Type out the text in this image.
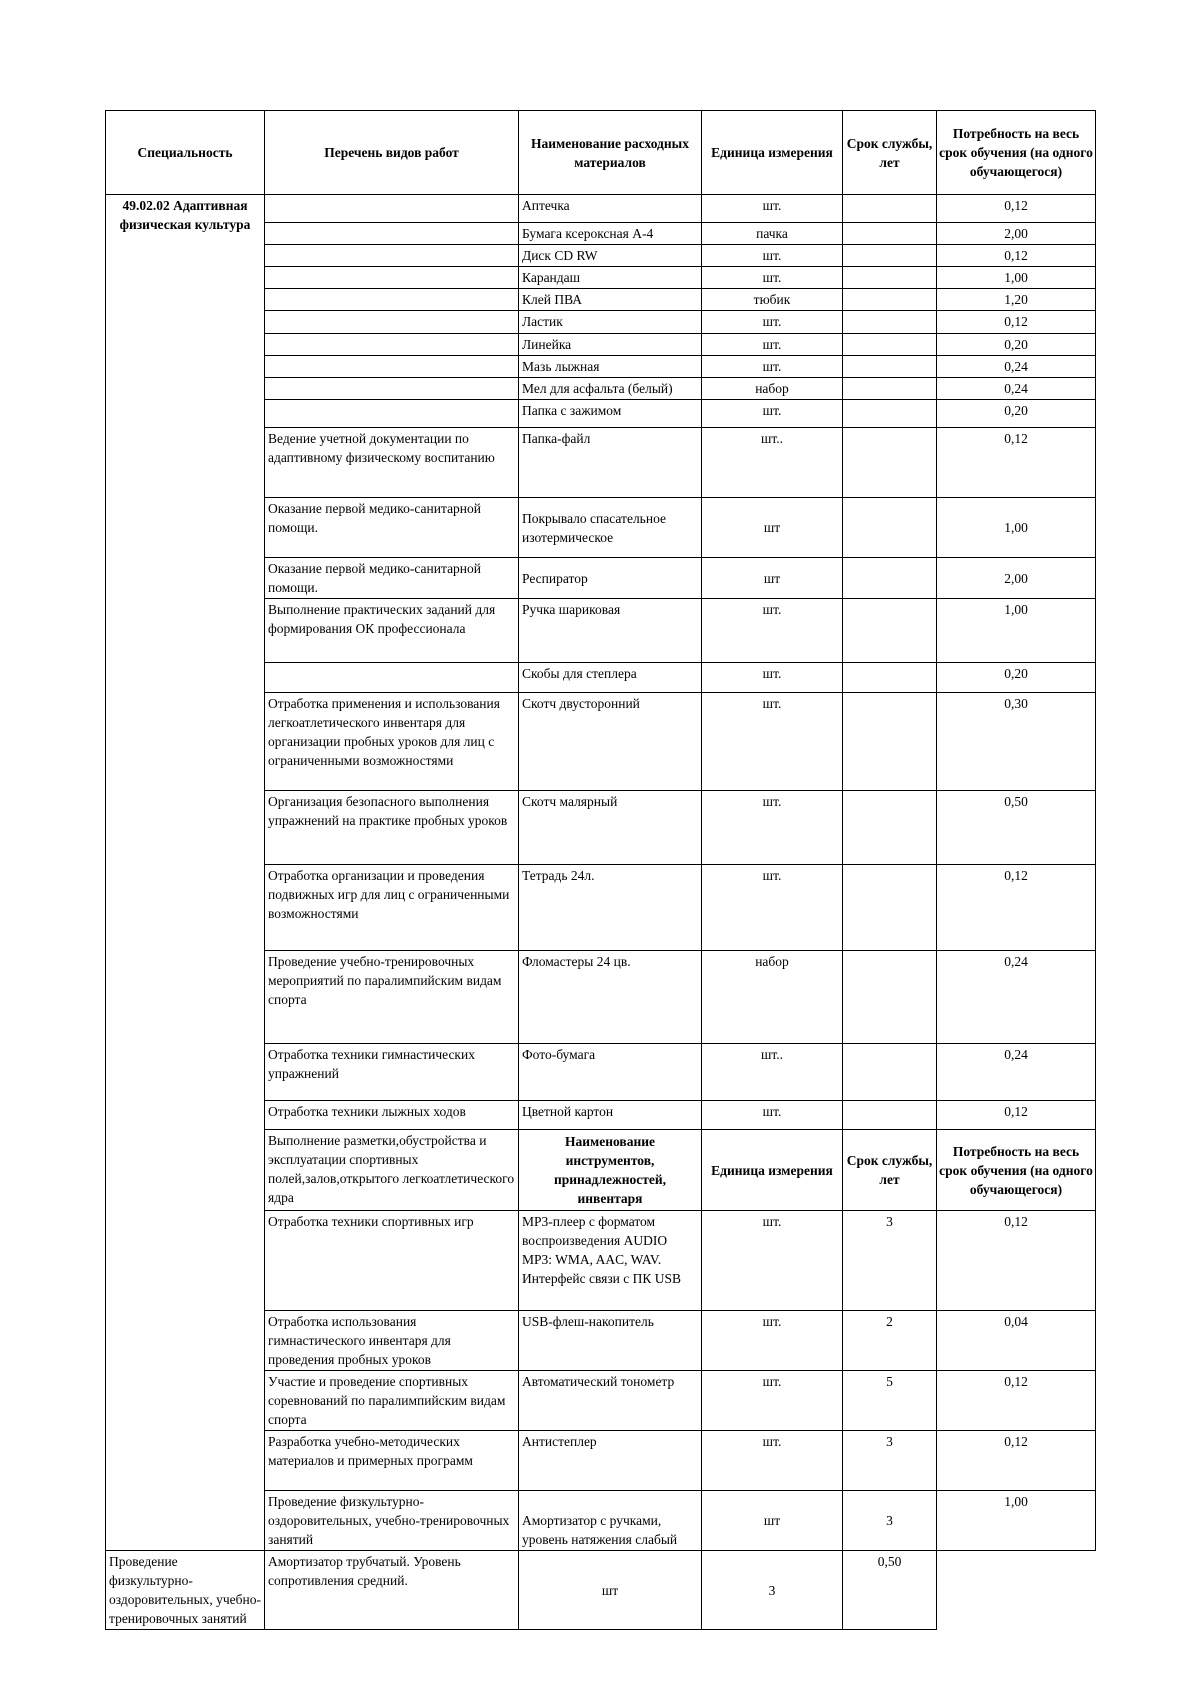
Специальность	Перечень видов работ	Наименование расходных материалов	Единица измерения	Срок службы, лет	Потребность на весь срок обучения (на одного обучающегося)
49.02.02 Адаптивная физическая культура		Аптечка	шт.		0,12
		Бумага ксероксная А-4	пачка		2,00
		Диск CD RW	шт.		0,12
		Карандаш	шт.		1,00
		Клей ПВА	тюбик		1,20
		Ластик	шт.		0,12
		Линейка	шт.		0,20
		Мазь лыжная	шт.		0,24
		Мел для асфальта (белый)	набор		0,24
		Папка с зажимом	шт.		0,20
	Ведение учетной документации по адаптивному физическому воспитанию	Папка-файл	шт..		0,12
	Оказание первой медико-санитарной помощи.	Покрывало спасательное изотермическое	шт		1,00
	Оказание первой медико-санитарной помощи.	Респиратор	шт		2,00
	Выполнение практических заданий для формирования ОК профессионала	Ручка шариковая	шт.		1,00
		Скобы для степлера	шт.		0,20
	Отработка применения и использования легкоатлетического инвентаря для организации пробных уроков для лиц с ограниченными возможностями	Скотч двусторонний	шт.		0,30
	Организация безопасного выполнения упражнений на практике пробных уроков	Скотч малярный	шт.		0,50
	Отработка организации и проведения подвижных игр для лиц с ограниченными возможностями	Тетрадь 24л.	шт.		0,12
	Проведение учебно-тренировочных мероприятий по паралимпийским видам спорта	Фломастеры 24 цв.	набор		0,24
	Отработка техники гимнастических упражнений	Фото-бумага	шт..		0,24
	Отработка техники лыжных ходов	Цветной картон	шт.		0,12
	Выполнение разметки,обустройства и эксплуатации спортивных полей,залов,открытого легкоатлетического ядра	Наименование инструментов, принадлежностей, инвентаря	Единица измерения	Срок службы, лет	Потребность на весь срок обучения (на одного обучающегося)
	Отработка техники спортивных игр	MP3-плеер с форматом воспроизведения AUDIO MP3: WMA, AAC, WAV. Интерфейс связи с ПК USB	шт.	3	0,12
	Отработка использования гимнастического инвентаря для проведения пробных уроков	USB-флеш-накопитель	шт.	2	0,04
	Участие и проведение спортивных соревнований по паралимпийским видам спорта	Автоматический тонометр	шт.	5	0,12
	Разработка учебно-методических материалов и примерных программ	Антистеплер	шт.	3	0,12
	Проведение физкультурно-оздоровительных, учебно-тренировочных занятий	Амортизатор с ручками, уровень натяжения слабый	шт	3	1,00
Проведение физкультурно-оздоровительных, учебно-тренировочных занятий	Амортизатор трубчатый. Уровень сопротивления средний.	шт	3	0,50	
